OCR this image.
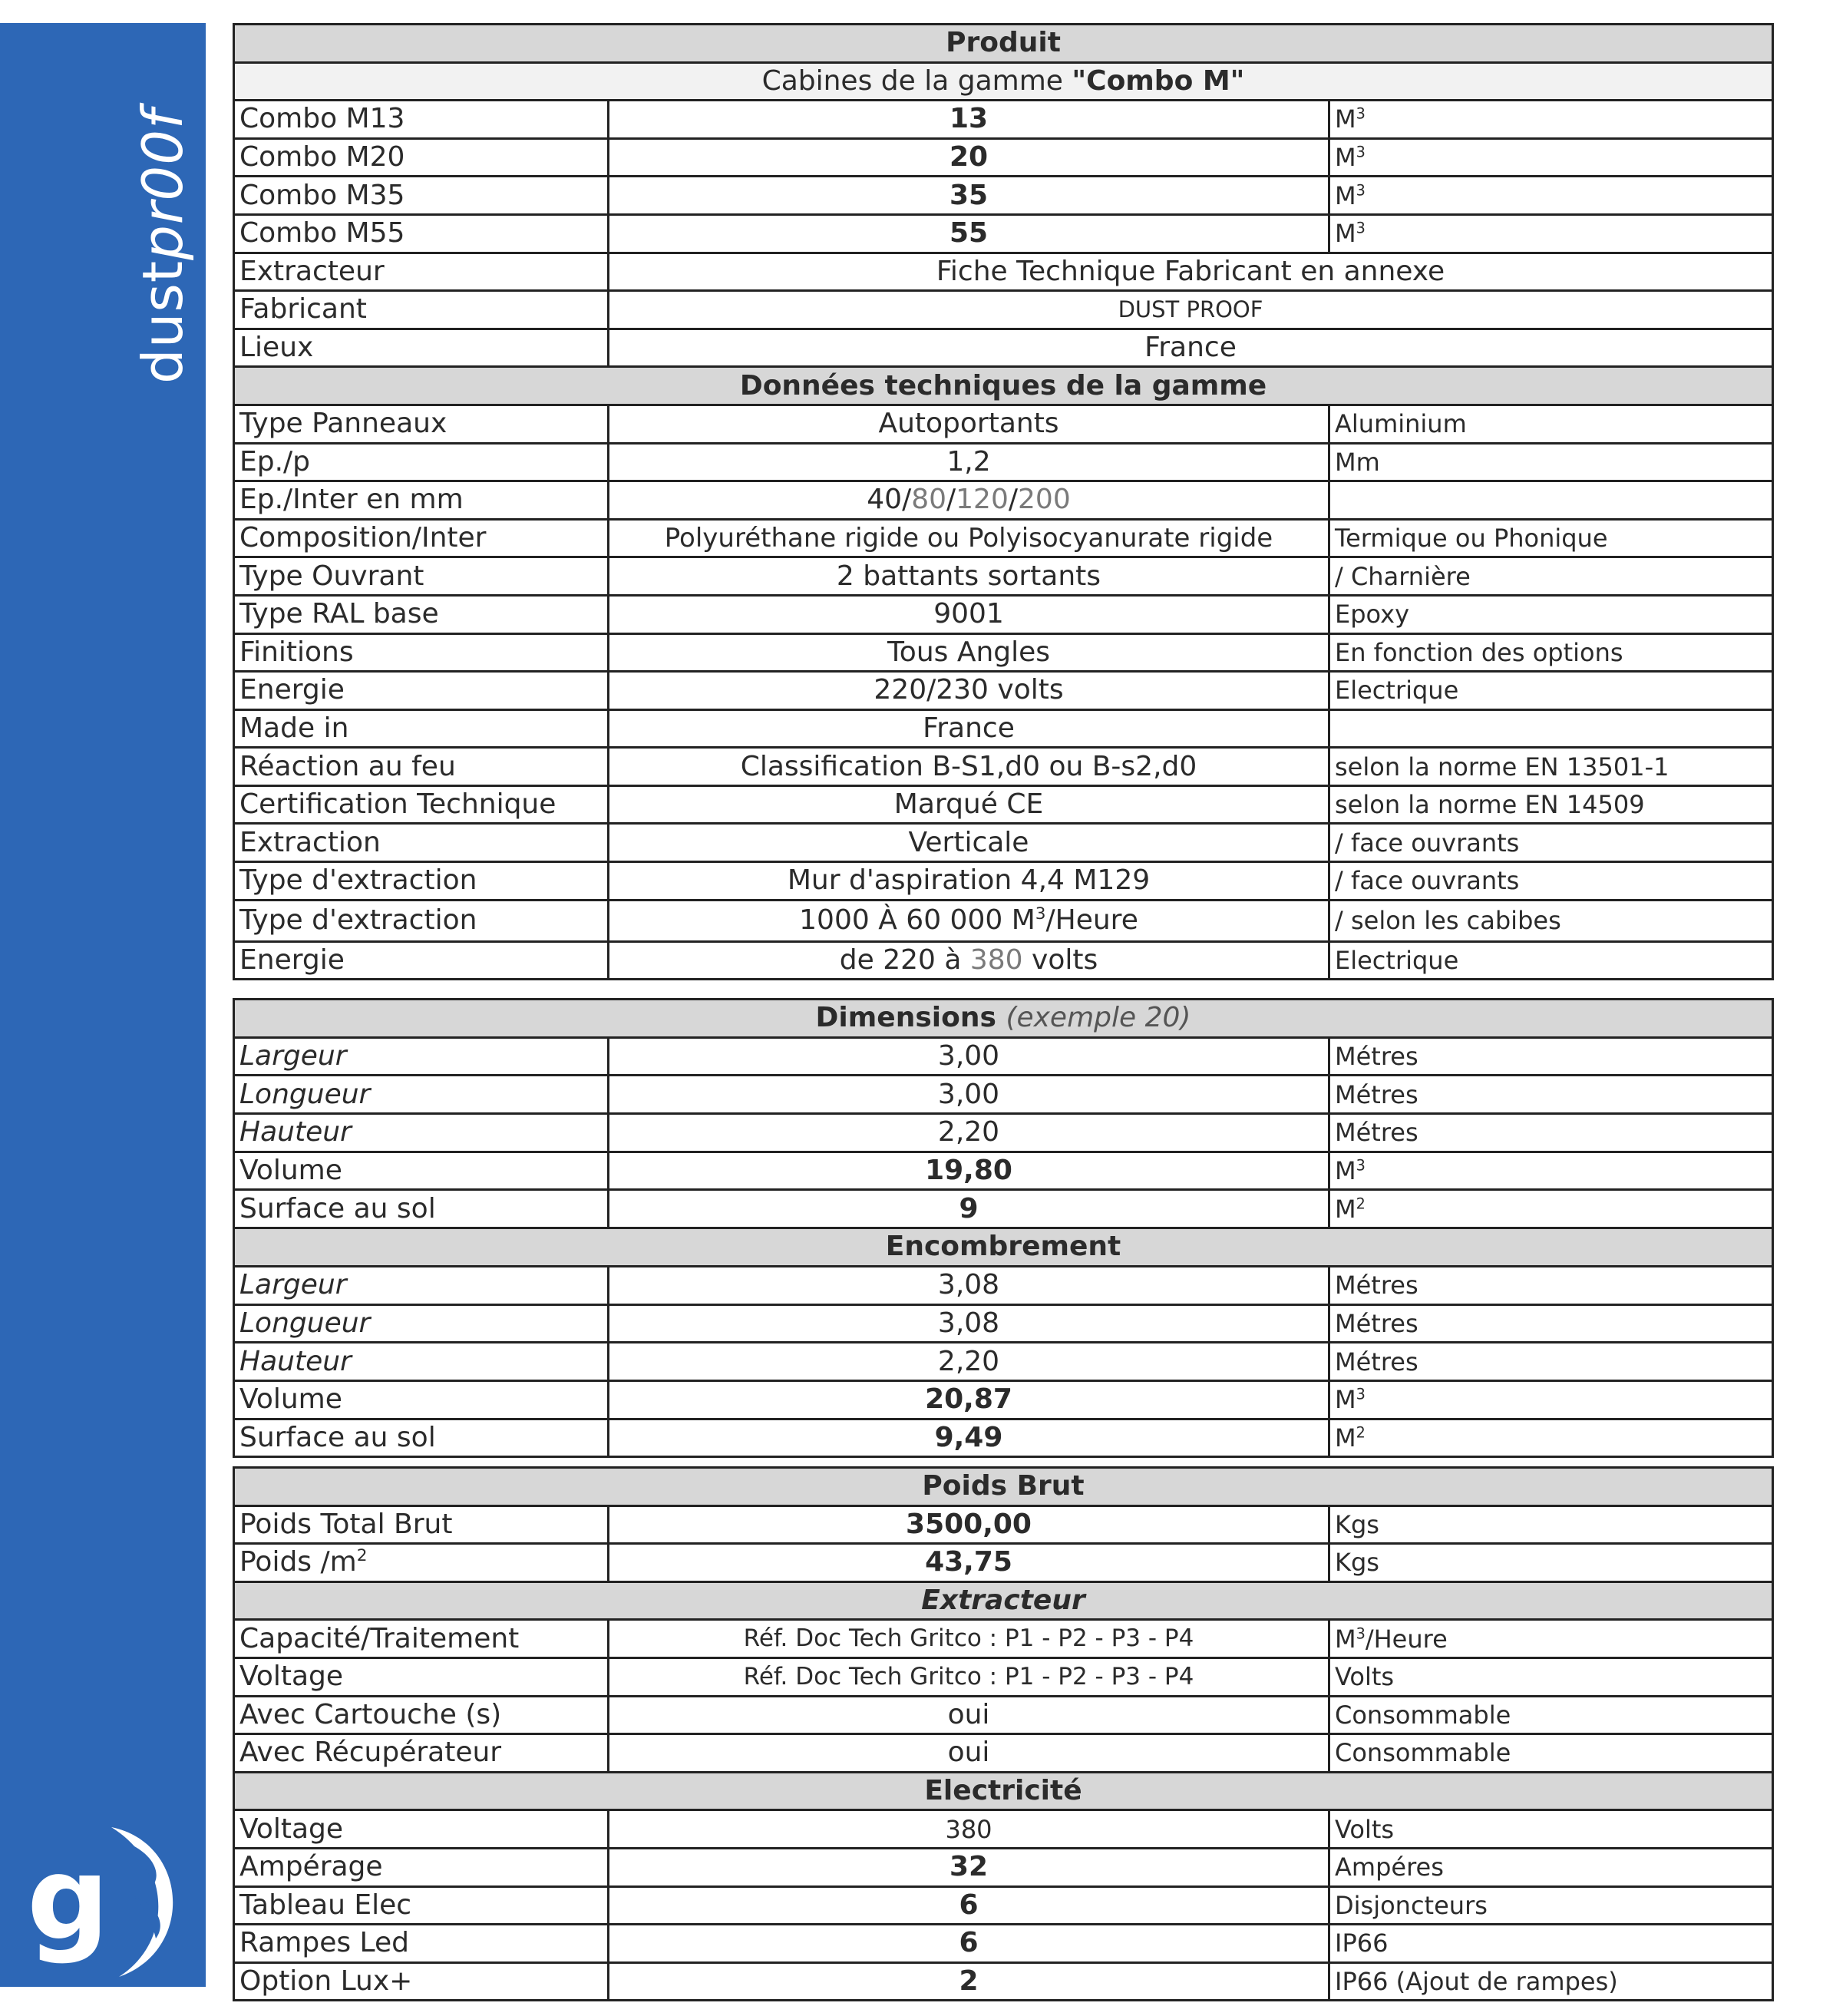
dustpr00f
g
Produit		
Cabines de la gamme "Combo M"		
Combo M13	13	$M^3$
Combo M20	20	$M^3$
Combo M35	35	$M^3$
Combo M55	55	$M^3$
Extracteur	Fiche Technique Fabricant en annexe	
Fabricant	DUST PROOF	
Lieux	France	
Données techniques de la gamme		
Type Panneaux	Autoportants	Aluminium
Ep./p	1,2	Mm
Ep./Inter en mm	40/80/120/200	
Composition/Inter	Polyuréthane rigide ou Polyisocyanurate rigide	Termique ou Phonique
Type Ouvrant	2 battants sortants	/ Charnière
Type RAL base	9001	Epoxy
Finitions	Tous Angles	En fonction des options
Energie	220/230 volts	Electrique
Made in	France	
Réaction au feu	Classification B-S1,d0 ou B-s2,d0	selon la norme EN 13501-1
Certification Technique	Marqué CE	selon la norme EN 14509
Extraction	Verticale	/ face ouvrants
Type d'extraction	Mur d'aspiration 4,4 M129	/ face ouvrants
Type d'extraction	1000 À 60 000 $M^3$/Heure	/ selon les cabibes
Energie	de 220 à 380 volts	Electrique
Dimensions (exemple 20)		
Largeur	3,00	Métres
Longueur	3,00	Métres
Hauteur	2,20	Métres
Volume	19,80	$M^3$
Surface au sol	9	$M^2$
Encombrement		
Largeur	3,08	Métres
Longueur	3,08	Métres
Hauteur	2,20	Métres
Volume	20,87	$M^3$
Surface au sol	9,49	$M^2$
Poids Brut		
Poids Total Brut	3500,00	Kgs
Poids $/m^2$	43,75	Kgs
Extracteur		
Capacité/Traitement	Réf. Doc Tech Gritco : P1 - P2 - P3 - P4	$M^3$/Heure
Voltage	Réf. Doc Tech Gritco : P1 - P2 - P3 - P4	Volts
Avec Cartouche (s)	oui	Consommable
Avec Récupérateur	oui	Consommable
Electricité		
Voltage	380	Volts
Ampérage	32	Ampéres
Tableau Elec	6	Disjoncteurs
Rampes Led	6	IP66
Option Lux+	2	IP66 (Ajout de rampes)
